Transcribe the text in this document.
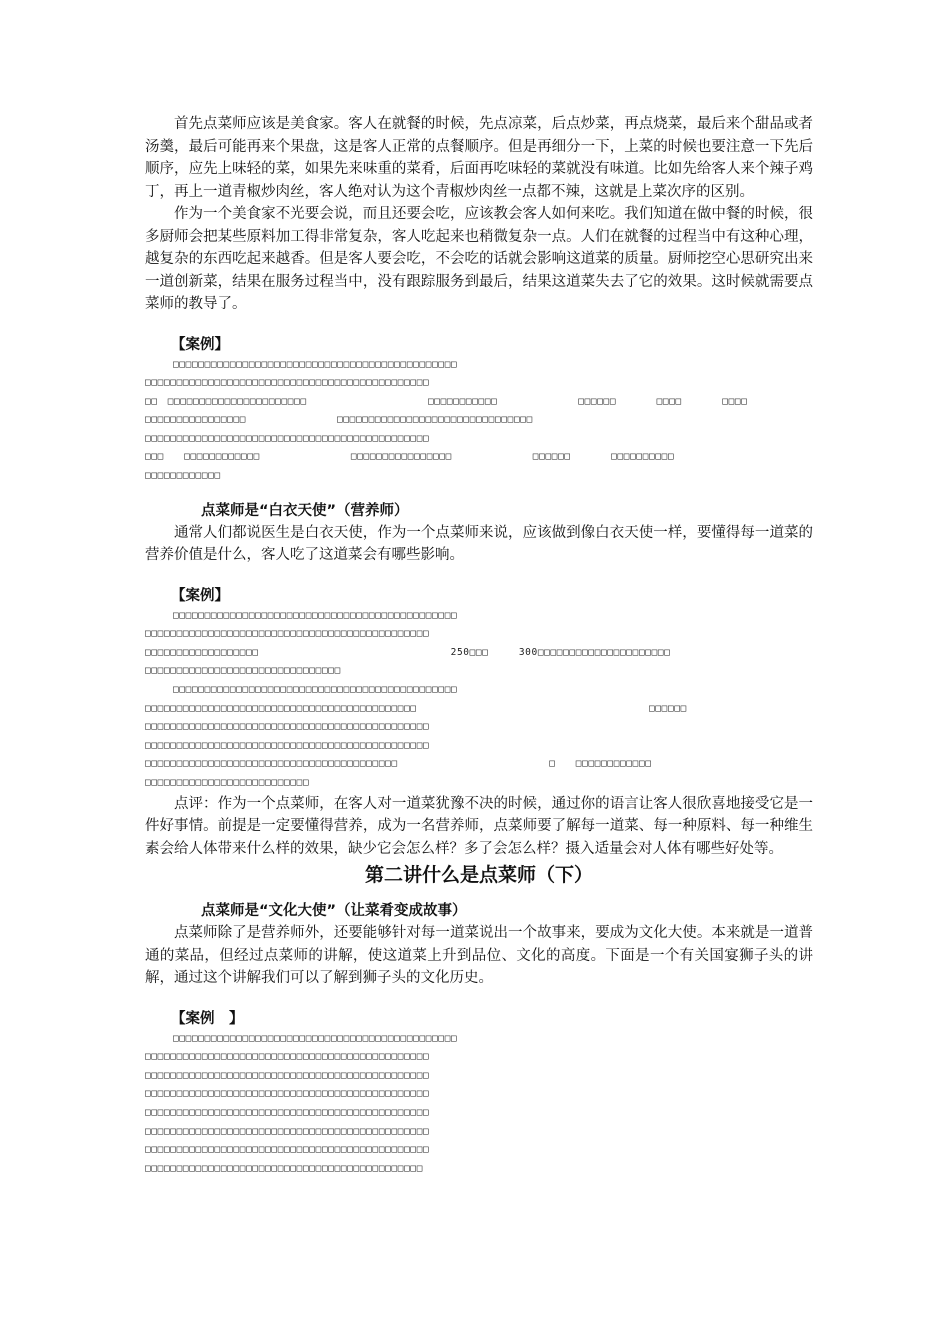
首先点菜师应该是美食家。客人在就餐的时候，先点凉菜，后点炒菜，再点烧菜，最后来个甜品或者汤羹，最后可能再来个果盘，这是客人正常的点餐顺序。但是再细分一下，上菜的时候也要注意一下先后顺序，应先上味轻的菜，如果先来味重的菜肴，后面再吃味轻的菜就没有味道。比如先给客人来个辣子鸡丁，再上一道青椒炒肉丝，客人绝对认为这个青椒炒肉丝一点都不辣，这就是上菜次序的区别。

作为一个美食家不光要会说，而且还要会吃，应该教会客人如何来吃。我们知道在做中餐的时候，很多厨师会把某些原料加工得非常复杂，客人吃起来也稍微复杂一点。人们在就餐的过程当中有这种心理，越复杂的东西吃起来越香。但是客人要会吃，不会吃的话就会影响这道菜的质量。厨师挖空心思研究出来一道创新菜，结果在服务过程当中，没有跟踪服务到最后，结果这道菜失去了它的效果。这时候就需要点菜师的教导了。

【案例】

□□□□□□□□□□□□□□□□□□□□□□□□□□□□□□□□□□□□□□□□□□□□□

□□□□□□□□□□□□□□□□□□□□□□□□□□□□□□□□□□□□□□□□□□□□□

□□　□□□□□□□□□□□□□□□□□□□□□□　　　　　　　　　　　　□□□□□□□□□□□　　　　　　　　□□□□□□　　　　□□□□　　　　□□□□

□□□□□□□□□□□□□□□□　　　　　　　　　□□□□□□□□□□□□□□□□□□□□□□□□□□□□□□□

□□□□□□□□□□□□□□□□□□□□□□□□□□□□□□□□□□□□□□□□□□□□□

□□□　　□□□□□□□□□□□□　　　　　　　　　□□□□□□□□□□□□□□□□　　　　　　　　□□□□□□　　　　□□□□□□□□□□

□□□□□□□□□□□□

点菜师是“白衣天使”（营养师）

通常人们都说医生是白衣天使，作为一个点菜师来说，应该做到像白衣天使一样，要懂得每一道菜的营养价值是什么，客人吃了这道菜会有哪些影响。

【案例】

□□□□□□□□□□□□□□□□□□□□□□□□□□□□□□□□□□□□□□□□□□□□□

□□□□□□□□□□□□□□□□□□□□□□□□□□□□□□□□□□□□□□□□□□□□□

□□□□□□□□□□□□□□□□□□　　　　　　　　　　　　　　　　　　　250□□□　　　300□□□□□□□□□□□□□□□□□□□□□

□□□□□□□□□□□□□□□□□□□□□□□□□□□□□□□

□□□□□□□□□□□□□□□□□□□□□□□□□□□□□□□□□□□□□□□□□□□□□

□□□□□□□□□□□□□□□□□□□□□□□□□□□□□□□□□□□□□□□□□□□　　　　　　　　　　　　　　　　　　　　　　　□□□□□□

□□□□□□□□□□□□□□□□□□□□□□□□□□□□□□□□□□□□□□□□□□□□□

□□□□□□□□□□□□□□□□□□□□□□□□□□□□□□□□□□□□□□□□□□□□□

□□□□□□□□□□□□□□□□□□□□□□□□□□□□□□□□□□□□□□□□　　　　　　　　　　　　　　　□　　□□□□□□□□□□□□

□□□□□□□□□□□□□□□□□□□□□□□□□□

点评：作为一个点菜师，在客人对一道菜犹豫不决的时候，通过你的语言让客人很欣喜地接受它是一件好事情。前提是一定要懂得营养，成为一名营养师，点菜师要了解每一道菜、每一种原料、每一种维生素会给人体带来什么样的效果，缺少它会怎么样？多了会怎么样？摄入适量会对人体有哪些好处等。

第二讲什么是点菜师（下）

点菜师是“文化大使”（让菜肴变成故事）

点菜师除了是营养师外，还要能够针对每一道菜说出一个故事来，要成为文化大使。本来就是一道普通的菜品，但经过点菜师的讲解，使这道菜上升到品位、文化的高度。下面是一个有关国宴狮子头的讲解，通过这个讲解我们可以了解到狮子头的文化历史。

【案例　】

□□□□□□□□□□□□□□□□□□□□□□□□□□□□□□□□□□□□□□□□□□□□□

□□□□□□□□□□□□□□□□□□□□□□□□□□□□□□□□□□□□□□□□□□□□□

□□□□□□□□□□□□□□□□□□□□□□□□□□□□□□□□□□□□□□□□□□□□□

□□□□□□□□□□□□□□□□□□□□□□□□□□□□□□□□□□□□□□□□□□□□□

□□□□□□□□□□□□□□□□□□□□□□□□□□□□□□□□□□□□□□□□□□□□□

□□□□□□□□□□□□□□□□□□□□□□□□□□□□□□□□□□□□□□□□□□□□□

□□□□□□□□□□□□□□□□□□□□□□□□□□□□□□□□□□□□□□□□□□□□□

□□□□□□□□□□□□□□□□□□□□□□□□□□□□□□□□□□□□□□□□□□□□
